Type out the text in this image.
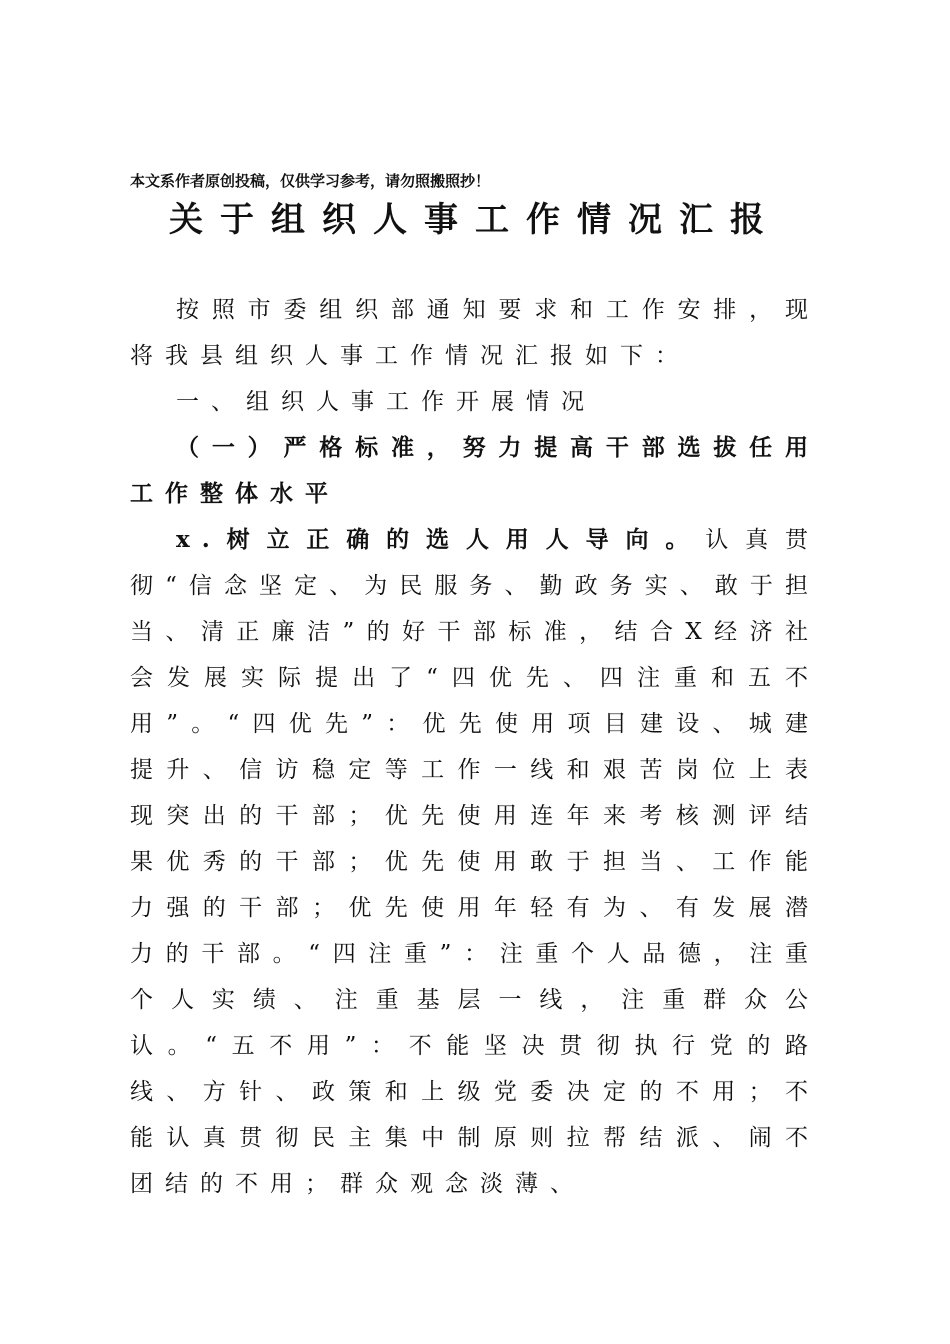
本文系作者原创投稿，仅供学习参考，请勿照搬照抄！
关于组织人事工作情况汇报

按照市委组织部通知要求和工作安排，现将我县组织人事工作情况汇报如下：

一、组织人事工作开展情况
（一）严格标准，努力提高干部选拔任用工作整体水平

x.树立正确的选人用人导向。认真贯彻“信念坚定、为民服务、勤政务实、敢于担当、清正廉洁”的好干部标准，结合X经济社会发展实际提出了“四优先、四注重和五不用”。“四优先”：优先使用项目建设、城建提升、信访稳定等工作一线和艰苦岗位上表现突出的干部；优先使用连年来考核测评结果优秀的干部；优先使用敢于担当、工作能力强的干部；优先使用年轻有为、有发展潜力的干部。“四注重”：注重个人品德，注重个人实绩、注重基层一线，注重群众公认。“五不用”：不能坚决贯彻执行党的路线、方针、政策和上级党委决定的不用；不能认真贯彻民主集中制原则拉帮结派、闹不团结的不用；群众观念淡薄、
